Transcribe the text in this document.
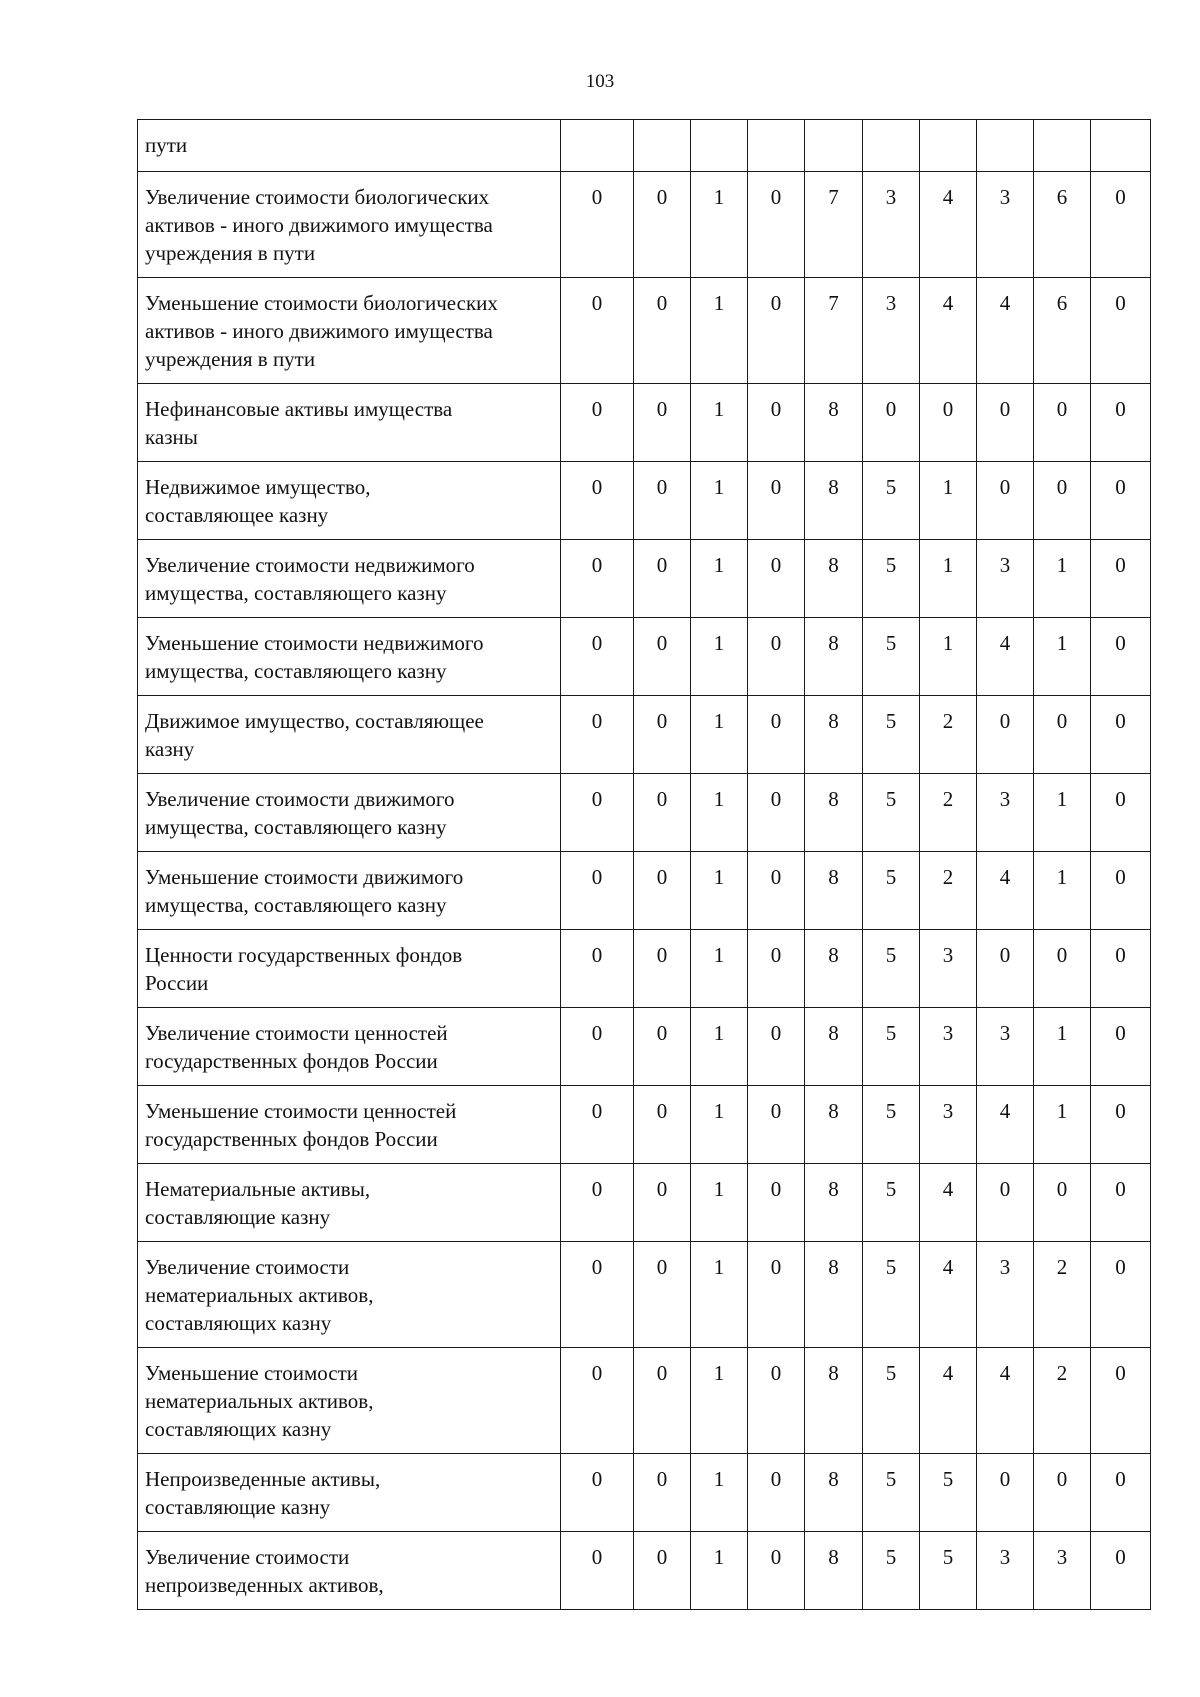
103
пути										

Увеличение стоимости биологических
активов - иного движимого имущества
учреждения в пути	0	0	1	0	7	3	4	3	6	0

Уменьшение стоимости биологических
активов - иного движимого имущества
учреждения в пути	0	0	1	0	7	3	4	4	6	0

Нефинансовые активы имущества
казны	0	0	1	0	8	0	0	0	0	0

Недвижимое имущество,
составляющее казну	0	0	1	0	8	5	1	0	0	0

Увеличение стоимости недвижимого
имущества, составляющего казну	0	0	1	0	8	5	1	3	1	0

Уменьшение стоимости недвижимого
имущества, составляющего казну	0	0	1	0	8	5	1	4	1	0

Движимое имущество, составляющее
казну	0	0	1	0	8	5	2	0	0	0

Увеличение стоимости движимого
имущества, составляющего казну	0	0	1	0	8	5	2	3	1	0

Уменьшение стоимости движимого
имущества, составляющего казну	0	0	1	0	8	5	2	4	1	0

Ценности государственных фондов
России	0	0	1	0	8	5	3	0	0	0

Увеличение стоимости ценностей
государственных фондов России	0	0	1	0	8	5	3	3	1	0

Уменьшение стоимости ценностей
государственных фондов России	0	0	1	0	8	5	3	4	1	0

Нематериальные активы,
составляющие казну	0	0	1	0	8	5	4	0	0	0

Увеличение стоимости
нематериальных активов,
составляющих казну	0	0	1	0	8	5	4	3	2	0

Уменьшение стоимости
нематериальных активов,
составляющих казну	0	0	1	0	8	5	4	4	2	0

Непроизведенные активы,
составляющие казну	0	0	1	0	8	5	5	0	0	0

Увеличение стоимости
непроизведенных активов,	0	0	1	0	8	5	5	3	3	0
